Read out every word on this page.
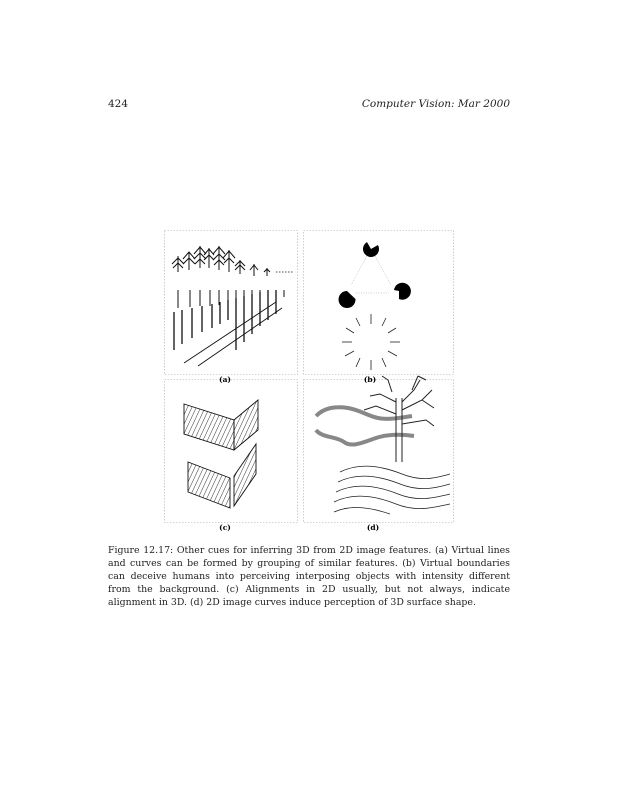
424	Computer Vision: Mar 2000
(a)	(b)
(c)	(d)
Figure 12.17: Other cues for inferring 3D from 2D image features. (a) Virtual lines and curves can be formed by grouping of similar features. (b) Virtual boundaries can deceive humans into perceiving interposing objects with intensity different from the background. (c) Alignments in 2D usually, but not always, indicate alignment in 3D. (d) 2D image curves induce perception of 3D surface shape.
